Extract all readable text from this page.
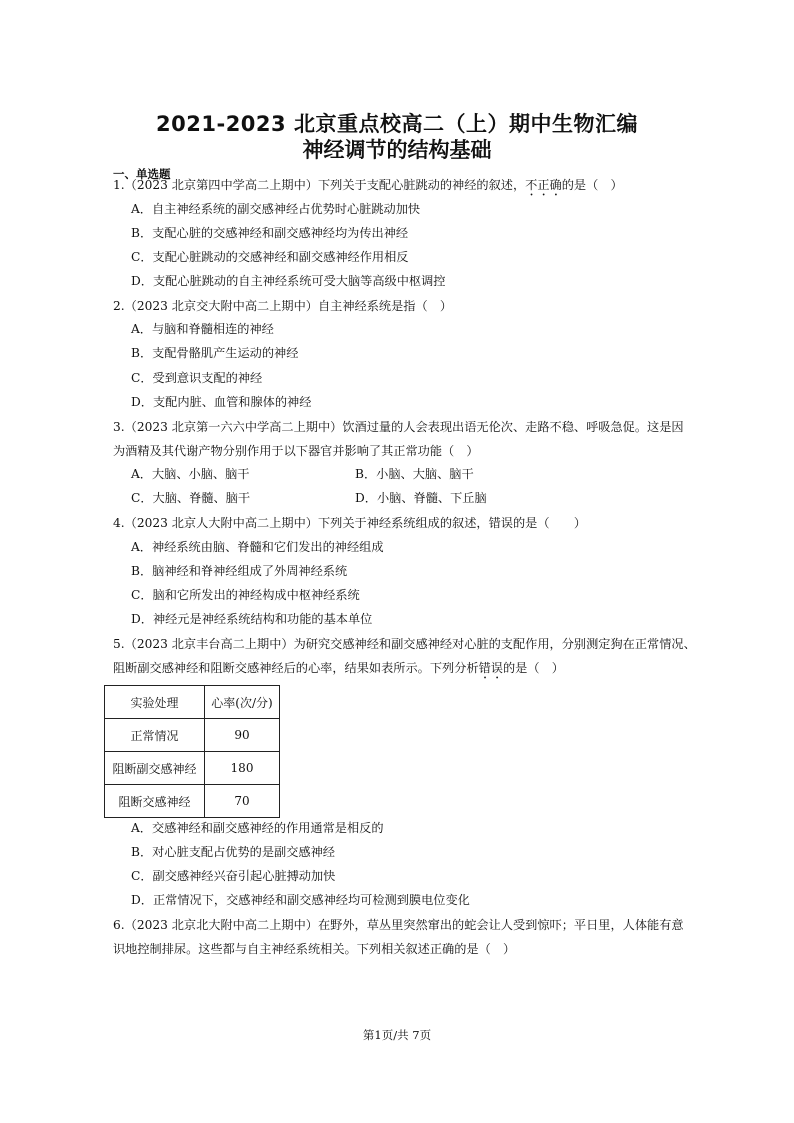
2021-2023 北京重点校高二（上）期中生物汇编
神经调节的结构基础
一、单选题
1.（2023 北京第四中学高二上期中）下列关于支配心脏跳动的神经的叙述，不正确的是（　）
A．自主神经系统的副交感神经占优势时心脏跳动加快
B．支配心脏的交感神经和副交感神经均为传出神经
C．支配心脏跳动的交感神经和副交感神经作用相反
D．支配心脏跳动的自主神经系统可受大脑等高级中枢调控
2.（2023 北京交大附中高二上期中）自主神经系统是指（　）
A．与脑和脊髓相连的神经
B．支配骨骼肌产生运动的神经
C．受到意识支配的神经
D．支配内脏、血管和腺体的神经
3.（2023 北京第一六六中学高二上期中）饮酒过量的人会表现出语无伦次、走路不稳、呼吸急促。这是因
为酒精及其代谢产物分别作用于以下器官并影响了其正常功能（　）
A．大脑、小脑、脑干	B．小脑、大脑、脑干
C．大脑、脊髓、脑干	D．小脑、脊髓、下丘脑
4.（2023 北京人大附中高二上期中）下列关于神经系统组成的叙述，错误的是（　　）
A．神经系统由脑、脊髓和它们发出的神经组成
B．脑神经和脊神经组成了外周神经系统
C．脑和它所发出的神经构成中枢神经系统
D．神经元是神经系统结构和功能的基本单位
5.（2023 北京丰台高二上期中）为研究交感神经和副交感神经对心脏的支配作用，分别测定狗在正常情况、
阻断副交感神经和阻断交感神经后的心率，结果如表所示。下列分析错误的是（　）
实验处理	心率(次/分)
正常情况	90
阻断副交感神经	180
阻断交感神经	70
A．交感神经和副交感神经的作用通常是相反的
B．对心脏支配占优势的是副交感神经
C．副交感神经兴奋引起心脏搏动加快
D．正常情况下，交感神经和副交感神经均可检测到膜电位变化
6.（2023 北京北大附中高二上期中）在野外，草丛里突然窜出的蛇会让人受到惊吓；平日里，人体能有意
识地控制排尿。这些都与自主神经系统相关。下列相关叙述正确的是（　）
第1页/共 7页
